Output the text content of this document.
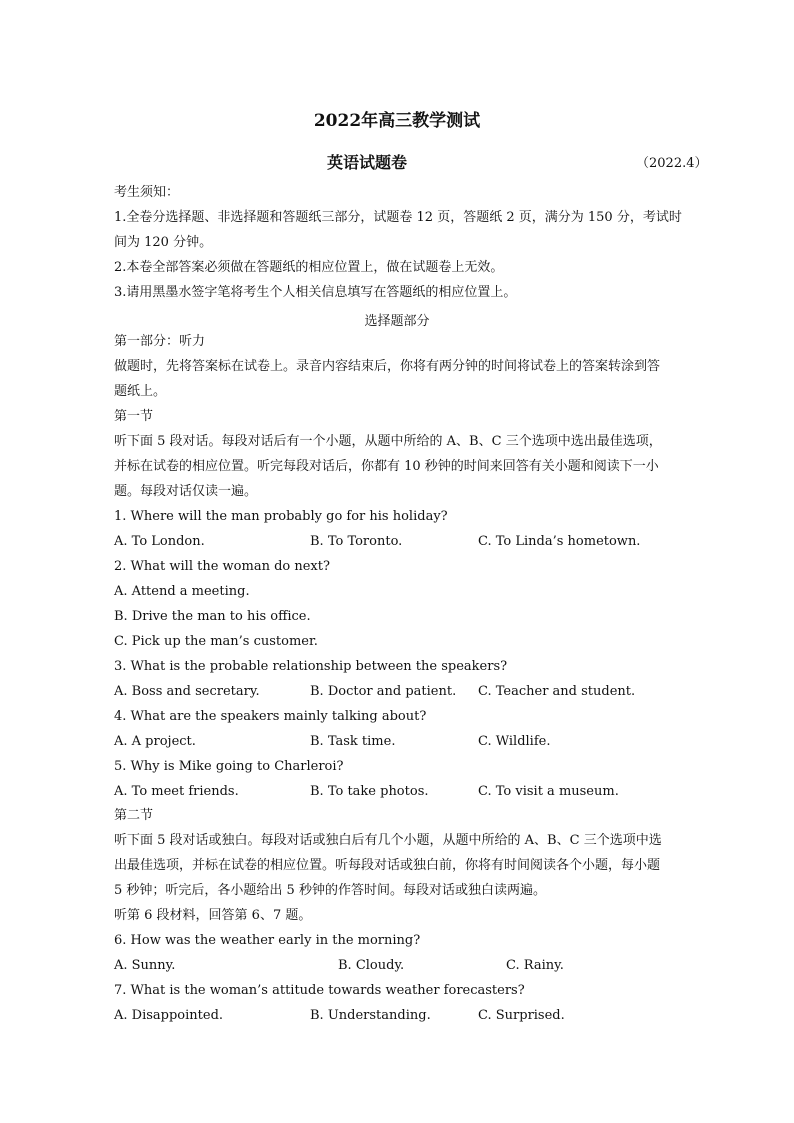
2022年高三教学测试
英语试题卷	（2022.4）
考生须知：
1.全卷分选择题、非选择题和答题纸三部分，试题卷 12 页，答题纸 2 页，满分为 150 分，考试时
间为 120 分钟。
2.本卷全部答案必须做在答题纸的相应位置上，做在试题卷上无效。
3.请用黑墨水签字笔将考生个人相关信息填写在答题纸的相应位置上。
选择题部分
第一部分：听力
做题时，先将答案标在试卷上。录音内容结束后，你将有两分钟的时间将试卷上的答案转涂到答
题纸上。
第一节
听下面 5 段对话。每段对话后有一个小题，从题中所给的 A、B、C 三个选项中选出最佳选项，
并标在试卷的相应位置。听完每段对话后，你都有 10 秒钟的时间来回答有关小题和阅读下一小
题。每段对话仅读一遍。
1. Where will the man probably go for his holiday?
A. To London.	B. To Toronto.	C. To Linda’s hometown.
2. What will the woman do next?
A. Attend a meeting.
B. Drive the man to his office.
C. Pick up the man’s customer.
3. What is the probable relationship between the speakers?
A. Boss and secretary.	B. Doctor and patient. C. Teacher and student.
4. What are the speakers mainly talking about?
A. A project.	B. Task time.	C. Wildlife.
5. Why is Mike going to Charleroi?
A. To meet friends.	B. To take photos.	C. To visit a museum.
第二节
听下面 5 段对话或独白。每段对话或独白后有几个小题，从题中所给的 A、B、C 三个选项中选
出最佳选项，并标在试卷的相应位置。听每段对话或独白前，你将有时间阅读各个小题，每小题
5 秒钟；听完后，各小题给出 5 秒钟的作答时间。每段对话或独白读两遍。
听第 6 段材料，回答第 6、7 题。
6. How was the weather early in the morning?
A. Sunny.	B. Cloudy.	C. Rainy.
7. What is the woman’s attitude towards weather forecasters?
A. Disappointed.	B. Understanding.	C. Surprised.
